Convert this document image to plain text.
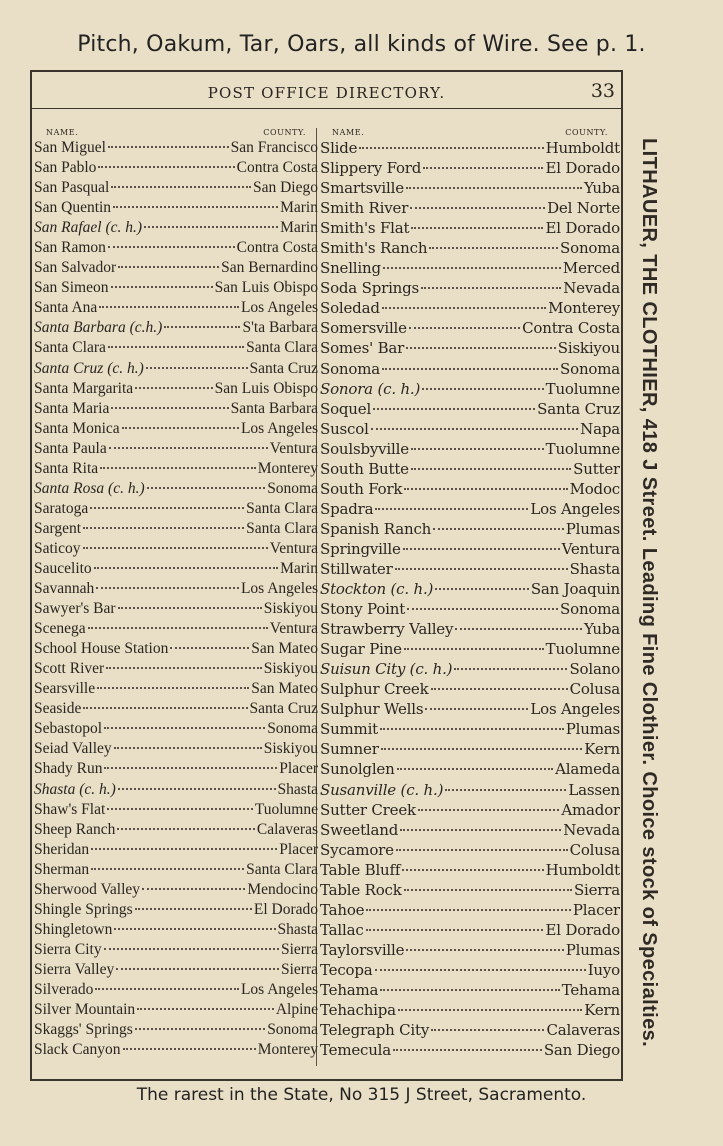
Pitch, Oakum, Tar, Oars, all kinds of Wire. See p. 1.
POST OFFICE DIRECTORY.	33
NAME.	COUNTY.
San Miguel	San Francisco
San Pablo	Contra Costa
San Pasqual	San Diego
San Quentin	Marin
San Rafael (c. h.)	Marin
San Ramon	Contra Costa
San Salvador	San Bernardino
San Simeon	San Luis Obispo
Santa Ana	Los Angeles
Santa Barbara (c.h.)	S'ta Barbara
Santa Clara	Santa Clara
Santa Cruz (c. h.)	Santa Cruz
Santa Margarita	San Luis Obispo
Santa Maria	Santa Barbara
Santa Monica	Los Angeles
Santa Paula	Ventura
Santa Rita	Monterey
Santa Rosa (c. h.)	Sonoma
Saratoga	Santa Clara
Sargent	Santa Clara
Saticoy	Ventura
Saucelito	Marin
Savannah	Los Angeles
Sawyer's Bar	Siskiyou
Scenega	Ventura
School House Station	San Mateo
Scott River	Siskiyou
Searsville	San Mateo
Seaside	Santa Cruz
Sebastopol	Sonoma
Seiad Valley	Siskiyou
Shady Run	Placer
Shasta (c. h.)	Shasta
Shaw's Flat	Tuolumne
Sheep Ranch	Calaveras
Sheridan	Placer
Sherman	Santa Clara
Sherwood Valley	Mendocino
Shingle Springs	El Dorado
Shingletown	Shasta
Sierra City	Sierra
Sierra Valley	Sierra
Silverado	Los Angeles
Silver Mountain	Alpine
Skaggs' Springs	Sonoma
Slack Canyon	Monterey
NAME.	COUNTY.
Slide	Humboldt
Slippery Ford	El Dorado
Smartsville	Yuba
Smith River	Del Norte
Smith's Flat	El Dorado
Smith's Ranch	Sonoma
Snelling	Merced
Soda Springs	Nevada
Soledad	Monterey
Somersville	Contra Costa
Somes' Bar	Siskiyou
Sonoma	Sonoma
Sonora (c. h.)	Tuolumne
Soquel	Santa Cruz
Suscol	Napa
Soulsbyville	Tuolumne
South Butte	Sutter
South Fork	Modoc
Spadra	Los Angeles
Spanish Ranch	Plumas
Springville	Ventura
Stillwater	Shasta
Stockton (c. h.)	San Joaquin
Stony Point	Sonoma
Strawberry Valley	Yuba
Sugar Pine	Tuolumne
Suisun City (c. h.)	Solano
Sulphur Creek	Colusa
Sulphur Wells	Los Angeles
Summit	Plumas
Sumner	Kern
Sunolglen	Alameda
Susanville (c. h.)	Lassen
Sutter Creek	Amador
Sweetland	Nevada
Sycamore	Colusa
Table Bluff	Humboldt
Table Rock	Sierra
Tahoe	Placer
Tallac	El Dorado
Taylorsville	Plumas
Tecopa	Iuyo
Tehama	Tehama
Tehachipa	Kern
Telegraph City	Calaveras
Temecula	San Diego
LITHAUER, THE CLOTHIER, 418 J Street. Leading Fine Clothier. Choice stock of Specialties.
The rarest in the State, No 315 J Street, Sacramento.
